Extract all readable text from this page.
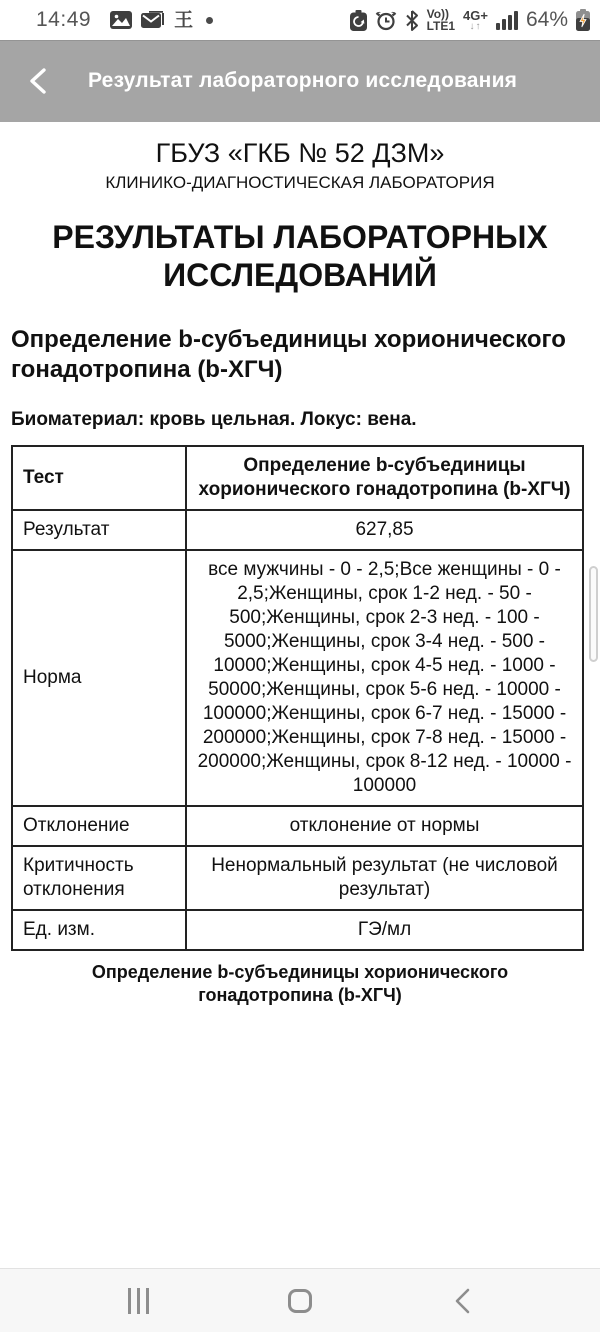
14:49	王	Vo))
LTE1
4G+
↓↑ 64%
Результат лабораторного исследования
ГБУЗ «ГКБ № 52 ДЗМ»
КЛИНИКО-ДИАГНОСТИЧЕСКАЯ ЛАБОРАТОРИЯ
РЕЗУЛЬТАТЫ ЛАБОРАТОРНЫХ ИССЛЕДОВАНИЙ
Определение b-субъединицы хорионического гонадотропина (b-ХГЧ)
Биоматериал: кровь цельная. Локус: вена.
Тест	Определение b-субъединицы хорионического гонадотропина (b-ХГЧ)
Результат	627,85
Норма	все мужчины - 0 - 2,5;Все женщины - 0 - 2,5;Женщины, срок 1-2 нед. - 50 - 500;Женщины, срок 2-3 нед. - 100 - 5000;Женщины, срок 3-4 нед. - 500 - 10000;Женщины, срок 4-5 нед. - 1000 - 50000;Женщины, срок 5-6 нед. - 10000 - 100000;Женщины, срок 6-7 нед. - 15000 - 200000;Женщины, срок 7-8 нед. - 15000 - 200000;Женщины, срок 8-12 нед. - 10000 - 100000
Отклонение	отклонение от нормы
Критичность отклонения	Ненормальный результат (не числовой результат)
Ед. изм.	ГЭ/мл
Определение b-субъединицы хорионического гонадотропина (b-ХГЧ)
